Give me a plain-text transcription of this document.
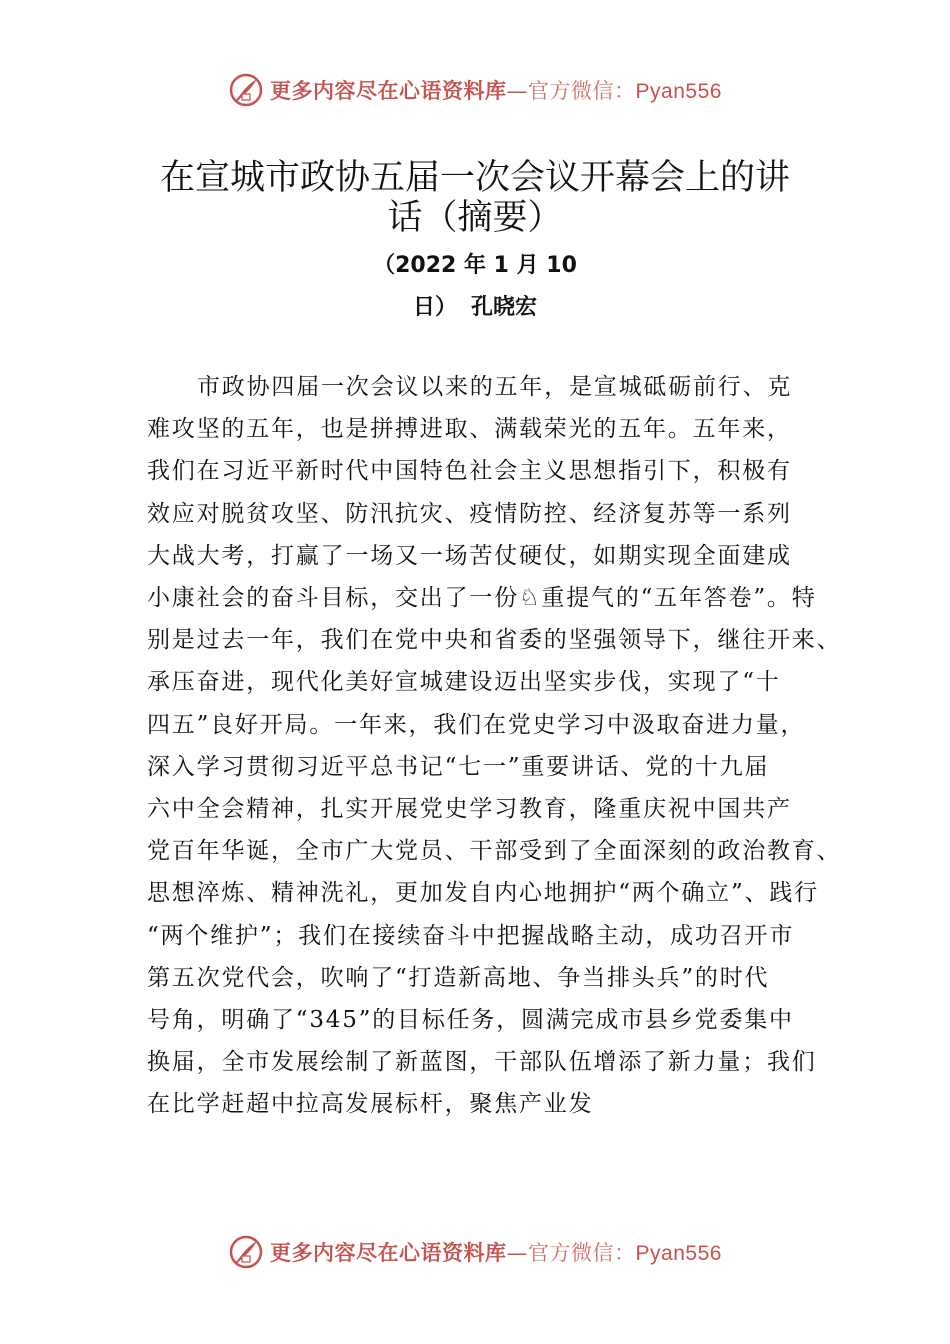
更多内容尽在心语资料库—官方微信：Pyan556
在宣城市政协五届一次会议开幕会上的讲
话（摘要）
（2022 年 1 月 10
日） 孔晓宏
市政协四届一次会议以来的五年，是宣城砥砺前行、克
难攻坚的五年，也是拼搏进取、满载荣光的五年。五年来，
我们在习近平新时代中国特色社会主义思想指引下，积极有
效应对脱贫攻坚、防汛抗灾、疫情防控、经济复苏等一系列
大战大考，打赢了一场又一场苦仗硬仗，如期实现全面建成
小康社会的奋斗目标，交出了一份♘重提气的“五年答卷”。特
别是过去一年，我们在党中央和省委的坚强领导下，继往开来、
承压奋进，现代化美好宣城建设迈出坚实步伐，实现了“十
四五”良好开局。一年来，我们在党史学习中汲取奋进力量，
深入学习贯彻习近平总书记“七一”重要讲话、党的十九届
六中全会精神，扎实开展党史学习教育，隆重庆祝中国共产
党百年华诞，全市广大党员、干部受到了全面深刻的政治教育、
思想淬炼、精神洗礼，更加发自内心地拥护“两个确立”、践行
“两个维护”；我们在接续奋斗中把握战略主动，成功召开市
第五次党代会，吹响了“打造新高地、争当排头兵”的时代
号角，明确了“345”的目标任务，圆满完成市县乡党委集中
换届，全市发展绘制了新蓝图，干部队伍增添了新力量；我们
在比学赶超中拉高发展标杆，聚焦产业发
更多内容尽在心语资料库—官方微信：Pyan556
